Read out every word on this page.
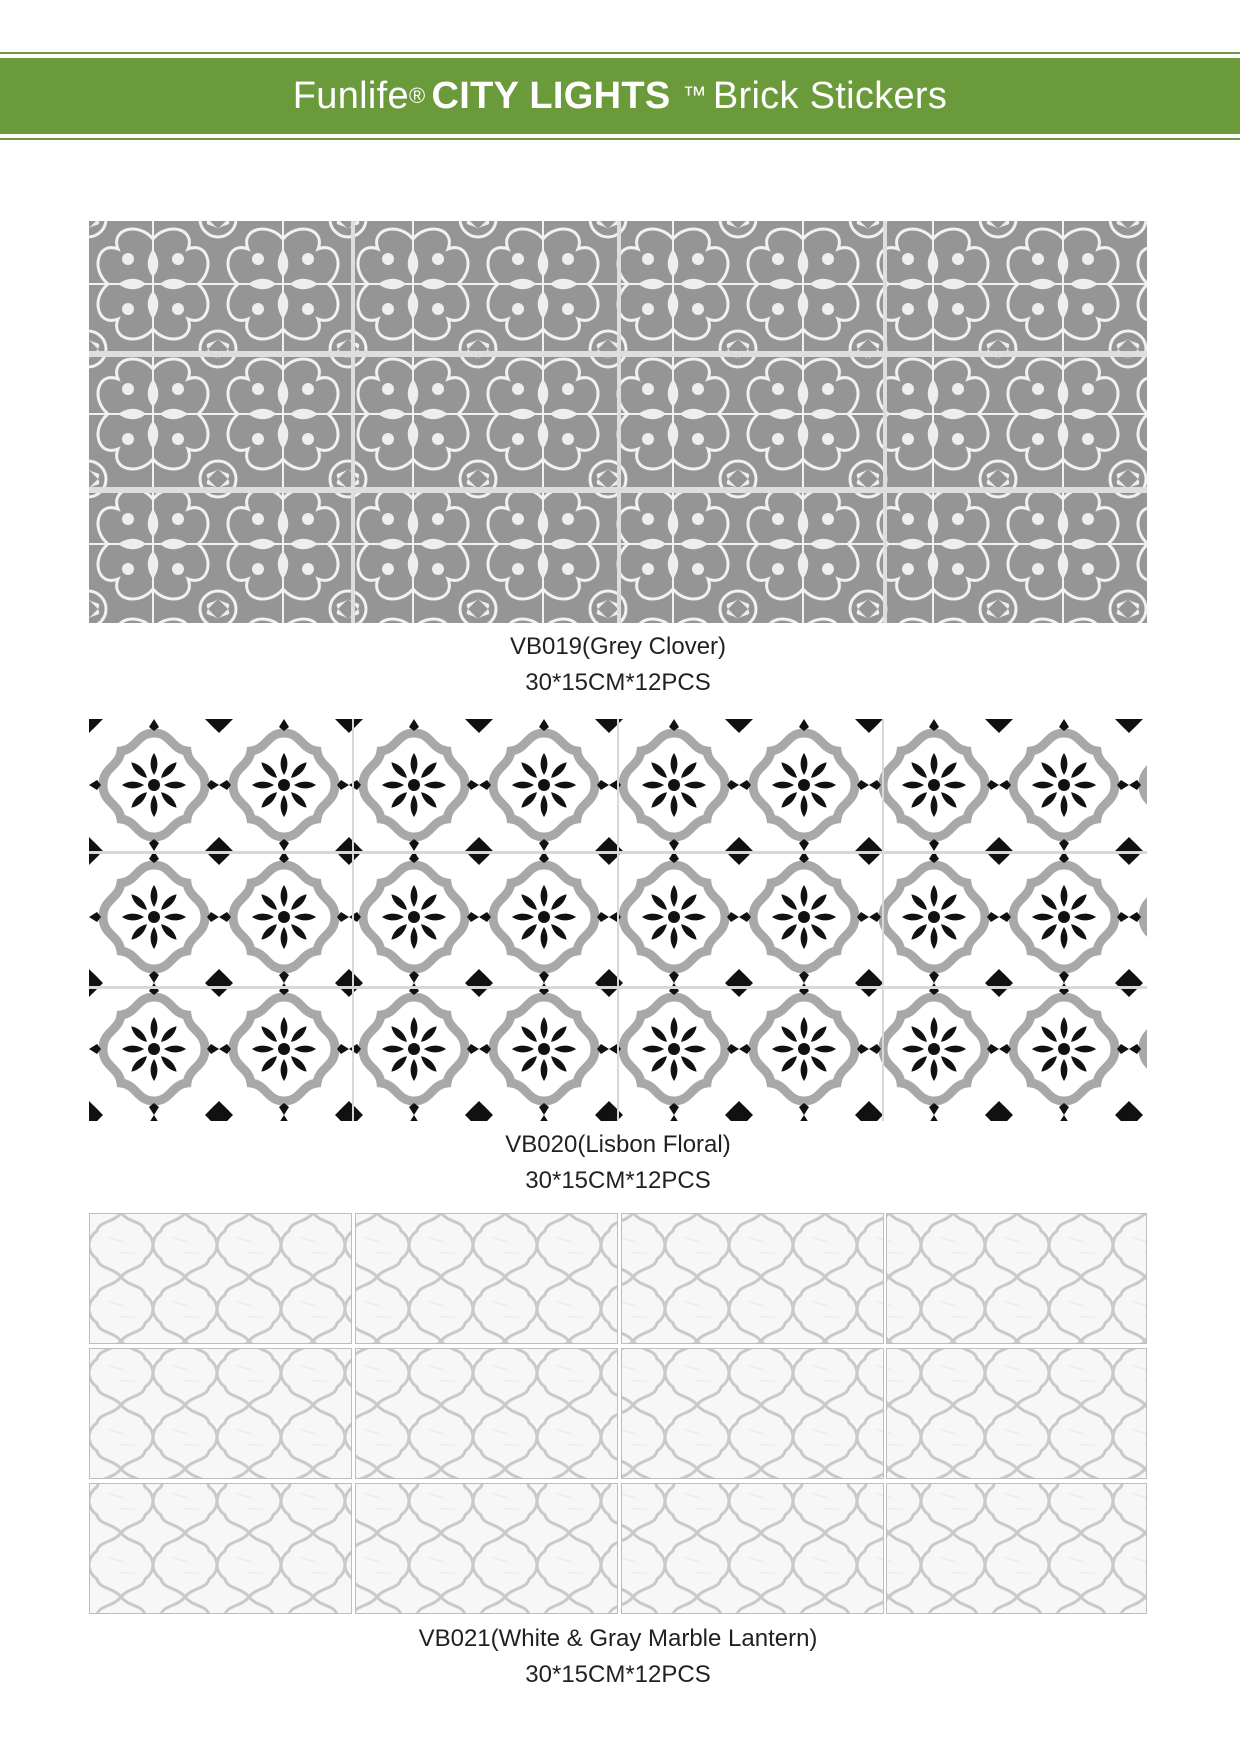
Funlife ® CITY LIGHTS ™ Brick Stickers
VB019(Grey Clover)
30*15CM*12PCS
VB020(Lisbon Floral)
30*15CM*12PCS
VB021(White & Gray Marble Lantern)
30*15CM*12PCS
